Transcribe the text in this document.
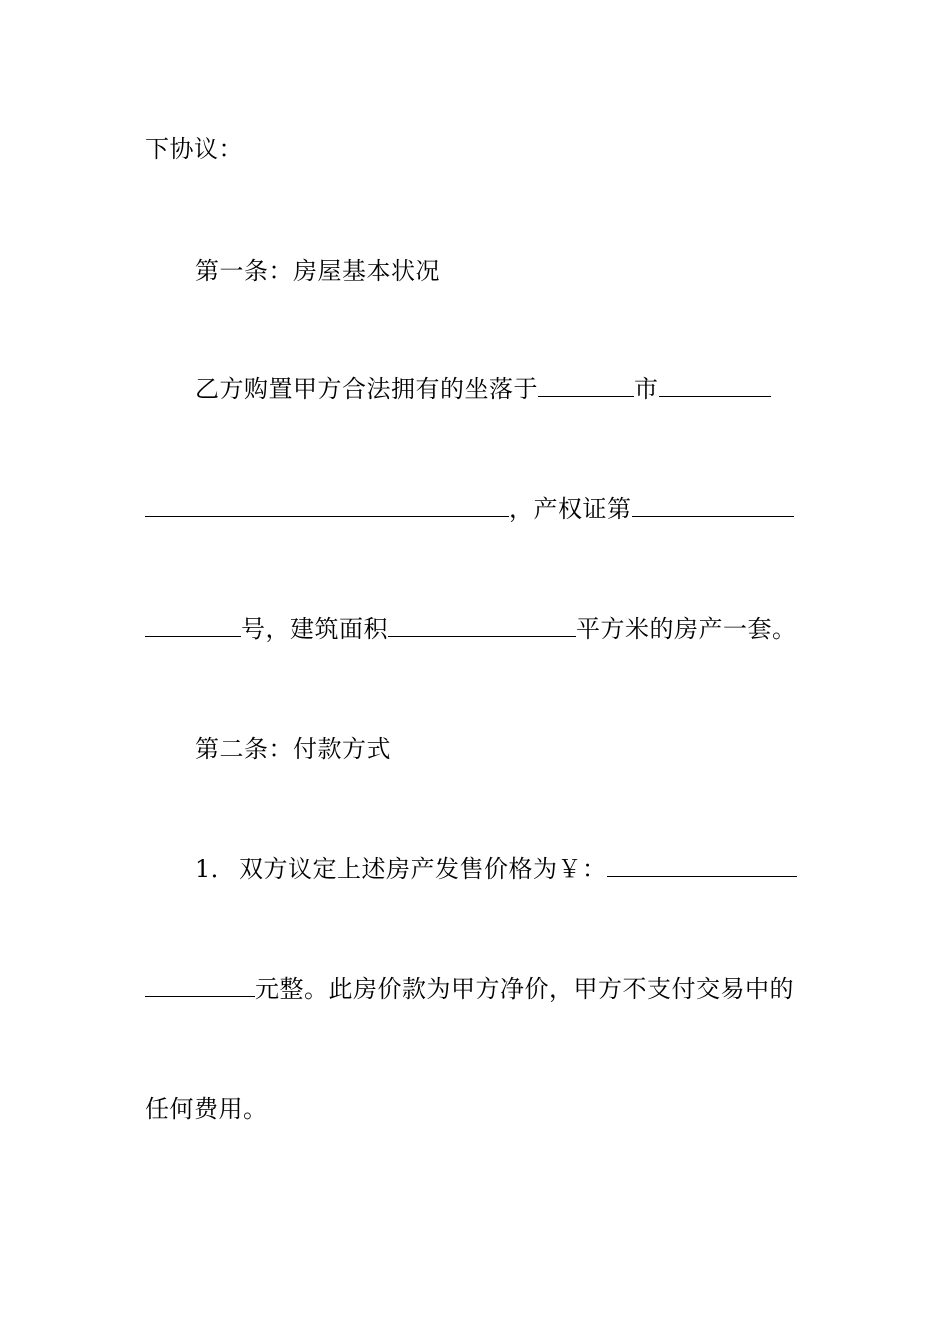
下协议：
第一条：房屋基本状况
乙方购置甲方合法拥有的坐落于	市
，产权证第
号，建筑面积	平方米的房产一套。
第二条：付款方式
1． 双方议定上述房产发售价格为￥：
元整。此房价款为甲方净价，甲方不支付交易中的
任何费用。
